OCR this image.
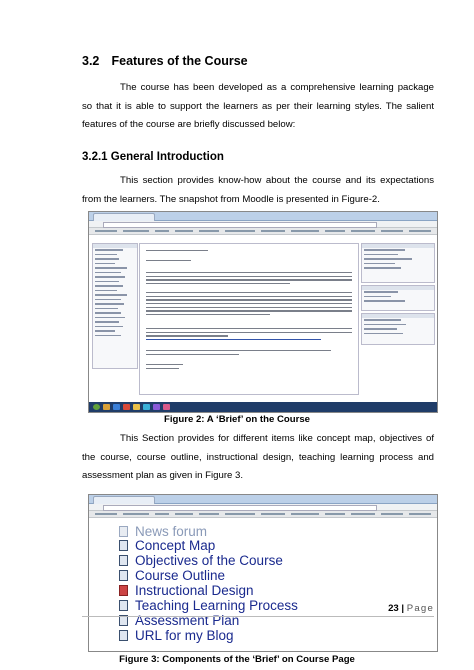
3.2 Features of the Course
The course has been developed as a comprehensive learning package so that it is able to support the learners as per their learning styles. The salient features of the course are briefly discussed below:
3.2.1 General Introduction
This section provides know-how about the course and its expectations from the learners. The snapshot from Moodle is presented in Figure-2.
Figure 2: A ‘Brief’ on the Course
This Section provides for different items like concept map, objectives of the course, course outline, instructional design, teaching learning process and assessment plan as given in Figure 3.
News forum
Concept Map
Objectives of the Course
Course Outline
Instructional Design
Teaching Learning Process
Assessment Plan
URL for my Blog
Figure 3: Components of the ‘Brief’ on Course Page
23 | Page
